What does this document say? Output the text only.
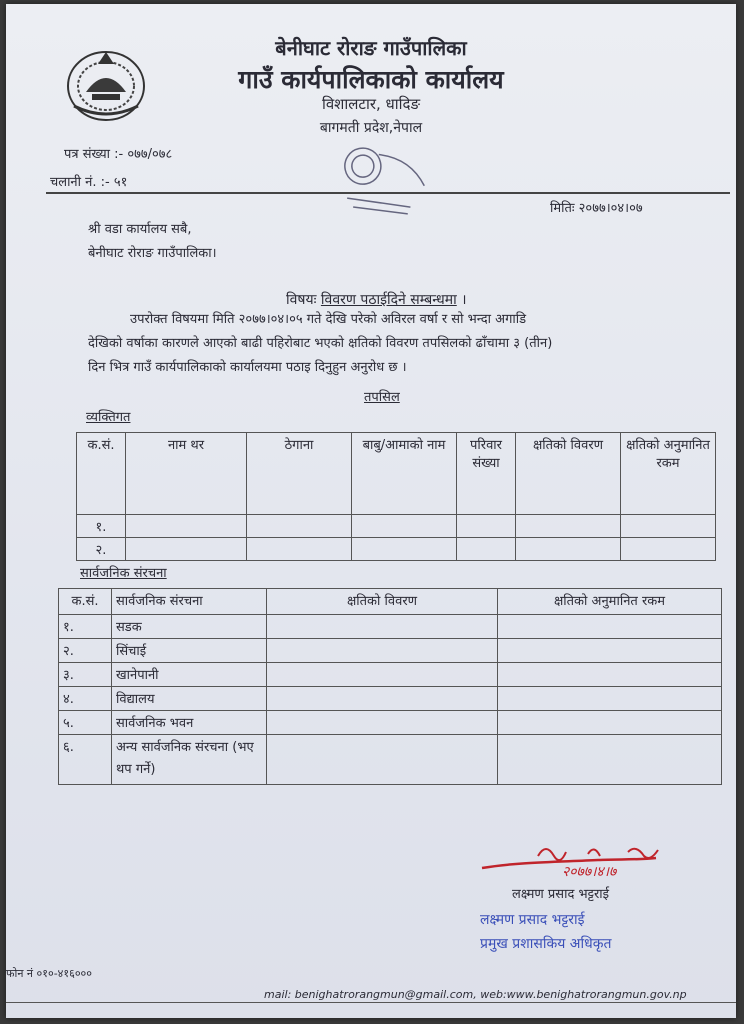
बेनीघाट रोराङ गाउँपालिका
गाउँ कार्यपालिकाको कार्यालय
विशालटार, धादिङ
बागमती प्रदेश,नेपाल
पत्र संख्या :- ०७७/०७८
चलानी नं. :- ५१
मितिः २०७७।०४।०७
श्री वडा कार्यालय सबै,
बेनीघाट रोराङ गाउँपालिका।
विषयः विवरण पठाईदिने सम्बन्धमा ।
उपरोक्त विषयमा मिति २०७७।०४।०५ गते देखि परेको अविरल वर्षा र सो भन्दा अगाडि
देखिको वर्षाका कारणले आएको बाढी पहिरोबाट भएको क्षतिको विवरण तपसिलको ढाँचामा ३ (तीन)
दिन भित्र गाउँ कार्यपालिकाको कार्यालयमा पठाइ दिनुहुन अनुरोध छ ।
तपसिल
व्यक्तिगत
क.सं.	नाम थर	ठेगाना	बाबु/आमाको नाम	परिवार संख्या	क्षतिको विवरण	क्षतिको अनुमानित रकम
१.						
२.						
सार्वजनिक संरचना
क.सं.	सार्वजनिक संरचना	क्षतिको विवरण	क्षतिको अनुमानित रकम
१.	सडक		
२.	सिंचाई		
३.	खानेपानी		
४.	विद्यालय		
५.	सार्वजनिक भवन		
६.	अन्य सार्वजनिक संरचना (भए थप गर्ने)		
२०७७।४।७
लक्ष्मण प्रसाद भट्टराई
लक्ष्मण प्रसाद भट्टराई
प्रमुख प्रशासकिय अधिकृत
फोन नं ०१०-४१६०००
mail: benighatrorangmun@gmail.com, web:www.benighatrorangmun.gov.np
